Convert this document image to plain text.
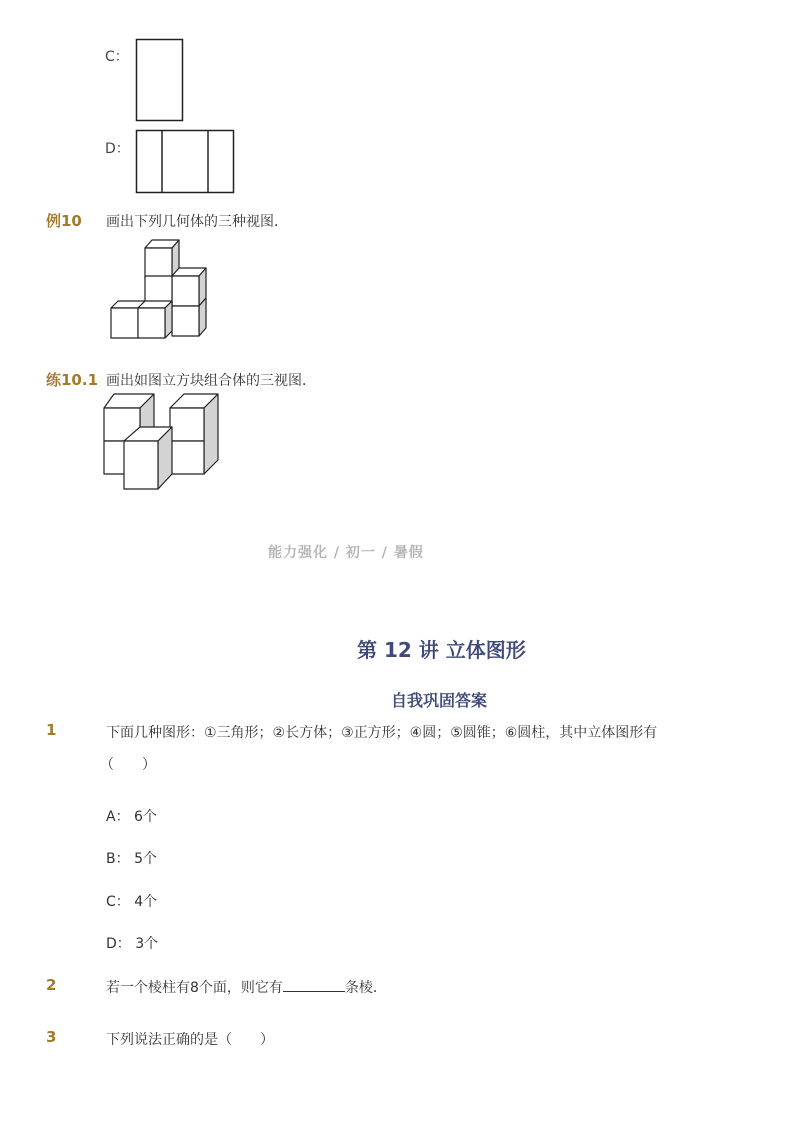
C：
D：
例10 画出下列几何体的三种视图．
练10.1 画出如图立方块组合体的三视图．
能力强化 / 初一 / 暑假
第 12 讲 立体图形
自我巩固答案
1	下面几种图形：①三角形；②长方体；③正方形；④圆；⑤圆锥；⑥圆柱，其中立体图形有
（　　）
A： 6个
B： 5个
C： 4个
D： 3个
2	若一个棱柱有8个面，则它有	条棱．
3	下列说法正确的是（　　）
